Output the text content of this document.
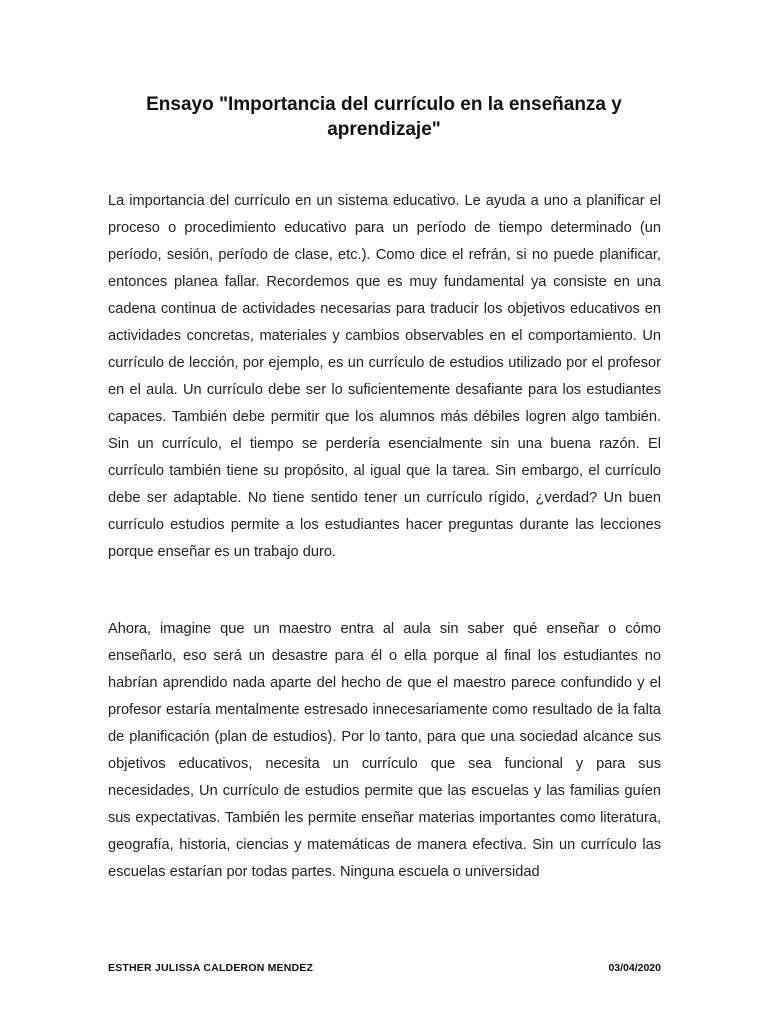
Ensayo "Importancia del currículo en la enseñanza y aprendizaje"

La importancia del currículo en un sistema educativo. Le ayuda a uno a planificar el proceso o procedimiento educativo para un período de tiempo determinado (un período, sesión, período de clase, etc.). Como dice el refrán, si no puede planificar, entonces planea fallar. Recordemos que es muy fundamental ya consiste en una cadena continua de actividades necesarias para traducir los objetivos educativos en actividades concretas, materiales y cambios observables en el comportamiento. Un currículo de lección, por ejemplo, es un currículo de estudios utilizado por el profesor en el aula. Un currículo debe ser lo suficientemente desafiante para los estudiantes capaces. También debe permitir que los alumnos más débiles logren algo también. Sin un currículo, el tiempo se perdería esencialmente sin una buena razón. El currículo también tiene su propósito, al igual que la tarea. Sin embargo, el currículo debe ser adaptable. No tiene sentido tener un currículo rígido, ¿verdad? Un buen currículo estudios permite a los estudiantes hacer preguntas durante las lecciones porque enseñar es un trabajo duro.

Ahora, imagine que un maestro entra al aula sin saber qué enseñar o cómo enseñarlo, eso será un desastre para él o ella porque al final los estudiantes no habrían aprendido nada aparte del hecho de que el maestro parece confundido y el profesor estaría mentalmente estresado innecesariamente como resultado de la falta de planificación (plan de estudios). Por lo tanto, para que una sociedad alcance sus objetivos educativos, necesita un currículo que sea funcional y para sus necesidades, Un currículo de estudios permite que las escuelas y las familias guíen sus expectativas. También les permite enseñar materias importantes como literatura, geografía, historia, ciencias y matemáticas de manera efectiva. Sin un currículo las escuelas estarían por todas partes. Ninguna escuela o universidad

ESTHER JULISSA CALDERON MENDEZ	03/04/2020
